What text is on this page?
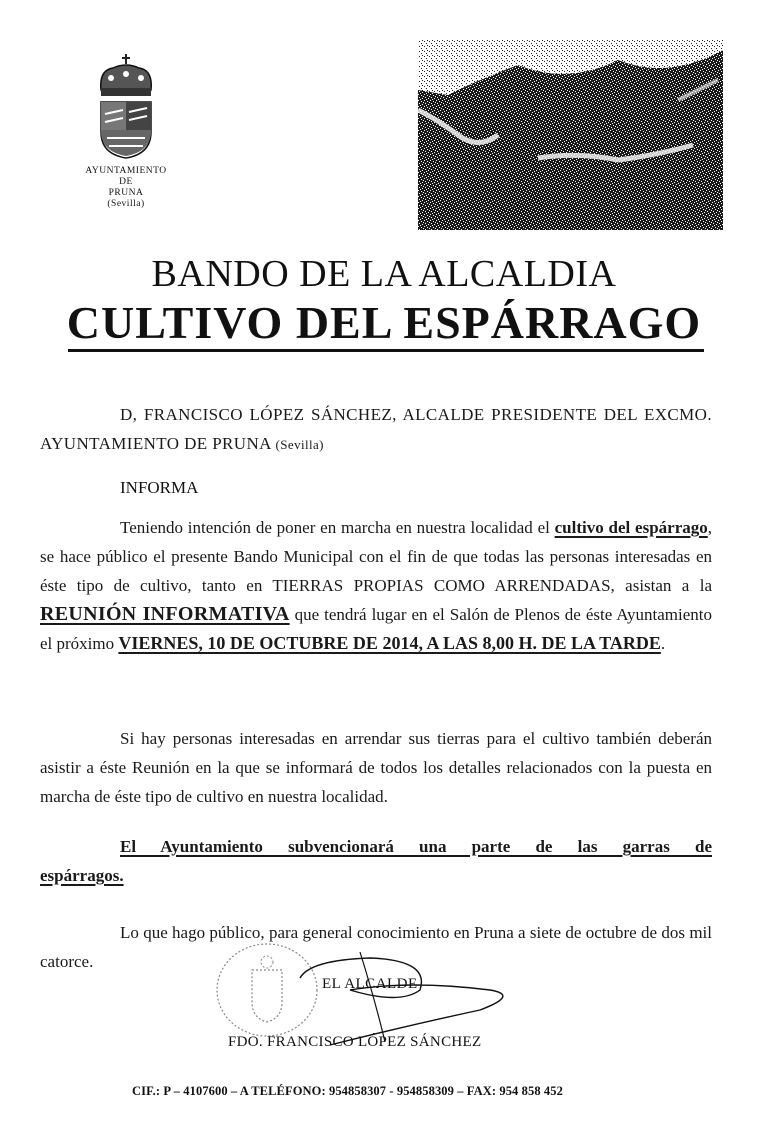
AYUNTAMIENTO
DE
PRUNA
(Sevilla)
BANDO DE LA ALCALDIA
CULTIVO DEL ESPÁRRAGO
D, FRANCISCO LÓPEZ SÁNCHEZ, ALCALDE PRESIDENTE DEL EXCMO. AYUNTAMIENTO DE PRUNA (Sevilla)
INFORMA
Teniendo intención de poner en marcha en nuestra localidad el cultivo del espárrago, se hace público el presente Bando Municipal con el fin de que todas las personas interesadas en éste tipo de cultivo, tanto en TIERRAS PROPIAS COMO ARRENDADAS, asistan a la REUNIÓN INFORMATIVA que tendrá lugar en el Salón de Plenos de éste Ayuntamiento el próximo VIERNES, 10 DE OCTUBRE DE 2014, A LAS 8,00 H. DE LA TARDE.
Si hay personas interesadas en arrendar sus tierras para el cultivo también deberán asistir a éste Reunión en la que se informará de todos los detalles relacionados con la puesta en marcha de éste tipo de cultivo en nuestra localidad.
El Ayuntamiento subvencionará una parte de las garras de espárragos.
Lo que hago público, para general conocimiento en Pruna a siete de octubre de dos mil catorce.
EL ALCALDE
FDO. FRANCISCO LÓPEZ SÁNCHEZ
CIF.: P – 4107600 – A TELÉFONO: 954858307 - 954858309 – FAX: 954 858 452
